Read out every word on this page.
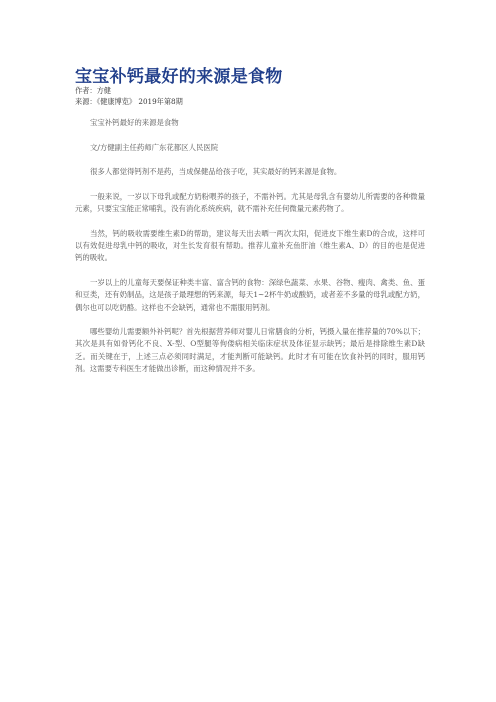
宝宝补钙最好的来源是食物
作者：方健
来源：《健康博览》 2019年第8期

宝宝补钙最好的来源是食物

文/方健副主任药师广东花都区人民医院

很多人都觉得钙剂不是药，当成保健品给孩子吃，其实最好的钙来源是食物。

一般来说，一岁以下母乳或配方奶粉喂养的孩子，不需补钙。尤其是母乳含有婴幼儿所需要的各种微量元素，只要宝宝能正常哺乳，没有消化系统疾病，就不需补充任何微量元素药物了。

当然，钙的吸收需要维生素D的帮助，建议每天出去晒一两次太阳，促进皮下维生素D的合成，这样可以有效促进母乳中钙的吸收，对生长发育很有帮助。推荐儿童补充鱼肝油（维生素A、D）的目的也是促进钙的吸收。

一岁以上的儿童每天要保证种类丰富、富含钙的食物：深绿色蔬菜、水果、谷物、瘦肉、禽类、鱼、蛋和豆类，还有奶制品，这是孩子最理想的钙来源，每天1~2杯牛奶或酸奶，或者差不多量的母乳或配方奶，偶尔也可以吃奶酪。这样也不会缺钙，通常也不需服用钙剂。

哪些婴幼儿需要额外补钙呢？首先根据营养师对婴儿日常膳食的分析，钙摄入量在推荐量的70%以下；其次是具有如骨钙化不良、X-型、O型腿等佝偻病相关临床症状及体征显示缺钙；最后是排除维生素D缺乏。而关键在于，上述三点必须同时满足，才能判断可能缺钙。此时才有可能在饮食补钙的同时，服用钙剂。这需要专科医生才能做出诊断，而这种情况并不多。
